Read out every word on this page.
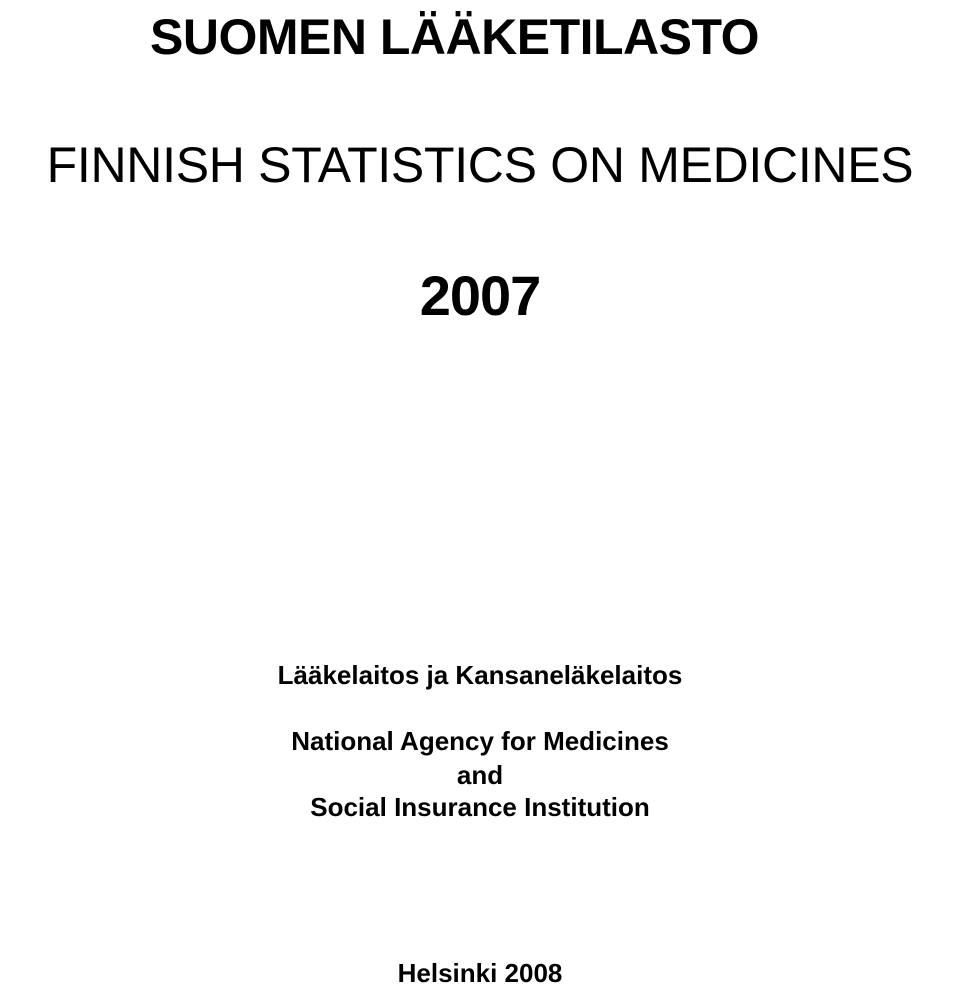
SUOMEN LÄÄKETILASTO
FINNISH STATISTICS ON MEDICINES
2007
Lääkelaitos ja Kansaneläkelaitos
National Agency for Medicines
and
Social Insurance Institution
Helsinki 2008
